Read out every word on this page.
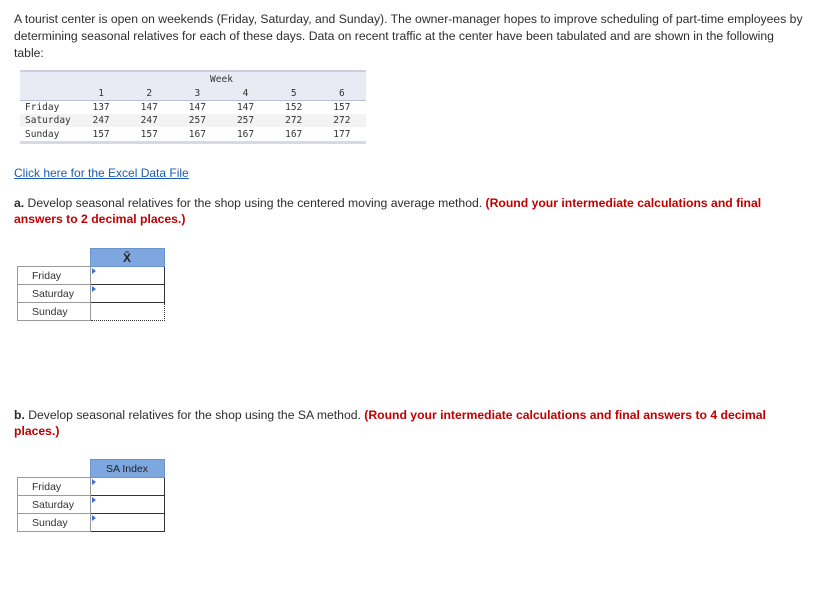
A tourist center is open on weekends (Friday, Saturday, and Sunday). The owner-manager hopes to improve scheduling of part-time employees by determining seasonal relatives for each of these days. Data on recent traffic at the center have been tabulated and are shown in the following table:
	Week					
	1	2	3	4	5	6
Friday	137	147	147	147	152	157
Saturday	247	247	257	257	272	272
Sunday	157	157	167	167	167	177
Click here for the Excel Data File
a. Develop seasonal relatives for the shop using the centered moving average method. (Round your intermediate calculations and final answers to 2 decimal places.)
	X̄
Friday	

Saturday	

Sunday	
b. Develop seasonal relatives for the shop using the SA method. (Round your intermediate calculations and final answers to 4 decimal places.)
	SA Index
Friday	

Saturday	

Sunday	
